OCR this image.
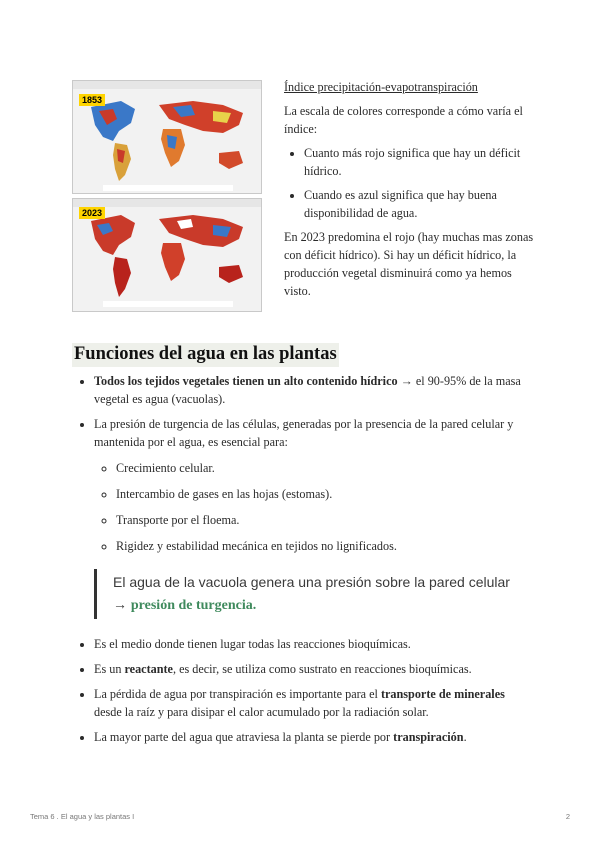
1853
2023

Índice precipitación-evapotranspiración

La escala de colores corresponde a cómo varía el índice:

• Cuanto más rojo significa que hay un déficit hídrico.
• Cuando es azul significa que hay buena disponibilidad de agua.

En 2023 predomina el rojo (hay muchas mas zonas con déficit hídrico). Si hay un déficit hídrico, la producción vegetal disminuirá como ya hemos visto.

Funciones del agua en las plantas
• Todos los tejidos vegetales tienen un alto contenido hídrico → el 90-95% de la masa vegetal es agua (vacuolas).
• La presión de turgencia de las células, generadas por la presencia de la pared celular y mantenida por el agua, es esencial para:
◦ Crecimiento celular.
◦ Intercambio de gases en las hojas (estomas).
◦ Transporte por el floema.
◦ Rigidez y estabilidad mecánica en tejidos no lignificados.
El agua de la vacuola genera una presión sobre la pared celular → presión de turgencia.
• Es el medio donde tienen lugar todas las reacciones bioquímicas.
• Es un reactante, es decir, se utiliza como sustrato en reacciones bioquímicas.
• La pérdida de agua por transpiración es importante para el transporte de minerales desde la raíz y para disipar el calor acumulado por la radiación solar.
• La mayor parte del agua que atraviesa la planta se pierde por transpiración.
Tema 6 . El agua y las plantas I	2
